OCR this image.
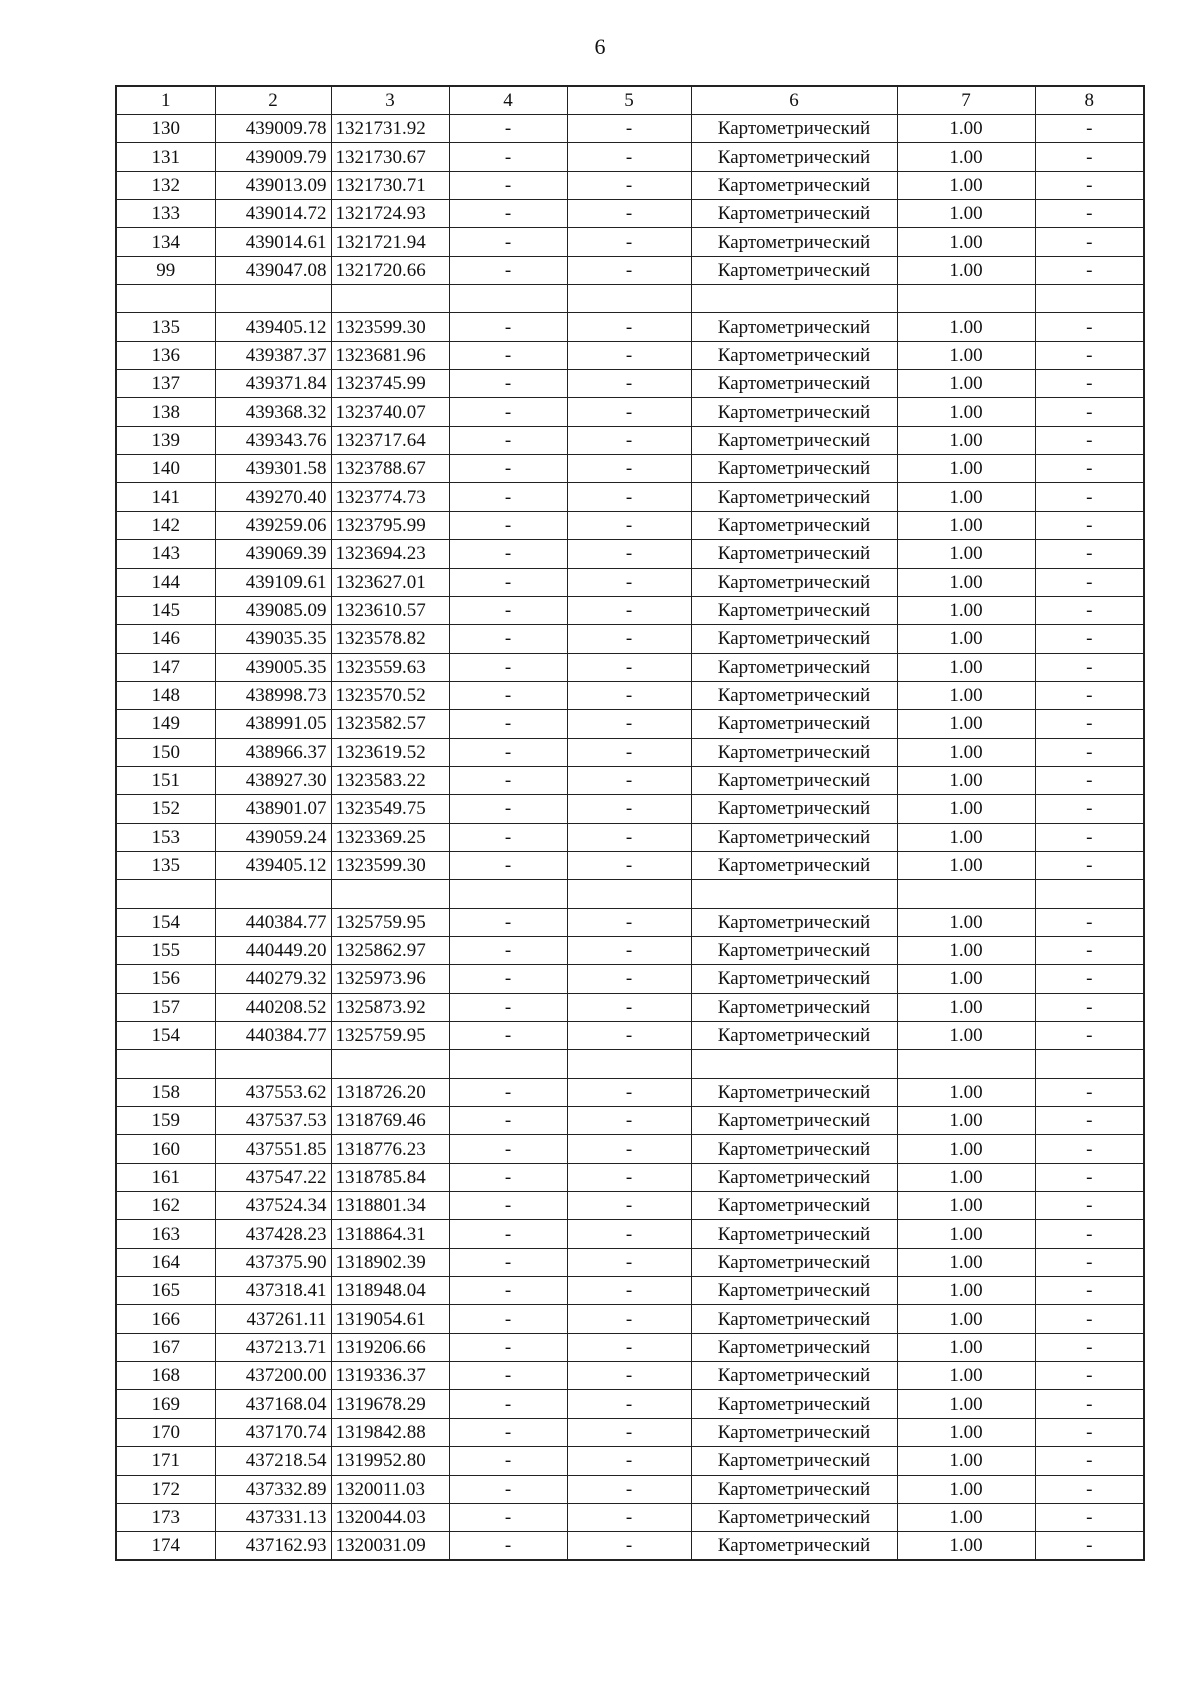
6
1	2	3	4	5	6	7	8
130	439009.78	1321731.92	-	-	Картометрический	1.00	-
131	439009.79	1321730.67	-	-	Картометрический	1.00	-
132	439013.09	1321730.71	-	-	Картометрический	1.00	-
133	439014.72	1321724.93	-	-	Картометрический	1.00	-
134	439014.61	1321721.94	-	-	Картометрический	1.00	-
99	439047.08	1321720.66	-	-	Картометрический	1.00	-

135	439405.12	1323599.30	-	-	Картометрический	1.00	-
136	439387.37	1323681.96	-	-	Картометрический	1.00	-
137	439371.84	1323745.99	-	-	Картометрический	1.00	-
138	439368.32	1323740.07	-	-	Картометрический	1.00	-
139	439343.76	1323717.64	-	-	Картометрический	1.00	-
140	439301.58	1323788.67	-	-	Картометрический	1.00	-
141	439270.40	1323774.73	-	-	Картометрический	1.00	-
142	439259.06	1323795.99	-	-	Картометрический	1.00	-
143	439069.39	1323694.23	-	-	Картометрический	1.00	-
144	439109.61	1323627.01	-	-	Картометрический	1.00	-
145	439085.09	1323610.57	-	-	Картометрический	1.00	-
146	439035.35	1323578.82	-	-	Картометрический	1.00	-
147	439005.35	1323559.63	-	-	Картометрический	1.00	-
148	438998.73	1323570.52	-	-	Картометрический	1.00	-
149	438991.05	1323582.57	-	-	Картометрический	1.00	-
150	438966.37	1323619.52	-	-	Картометрический	1.00	-
151	438927.30	1323583.22	-	-	Картометрический	1.00	-
152	438901.07	1323549.75	-	-	Картометрический	1.00	-
153	439059.24	1323369.25	-	-	Картометрический	1.00	-
135	439405.12	1323599.30	-	-	Картометрический	1.00	-

154	440384.77	1325759.95	-	-	Картометрический	1.00	-
155	440449.20	1325862.97	-	-	Картометрический	1.00	-
156	440279.32	1325973.96	-	-	Картометрический	1.00	-
157	440208.52	1325873.92	-	-	Картометрический	1.00	-
154	440384.77	1325759.95	-	-	Картометрический	1.00	-

158	437553.62	1318726.20	-	-	Картометрический	1.00	-
159	437537.53	1318769.46	-	-	Картометрический	1.00	-
160	437551.85	1318776.23	-	-	Картометрический	1.00	-
161	437547.22	1318785.84	-	-	Картометрический	1.00	-
162	437524.34	1318801.34	-	-	Картометрический	1.00	-
163	437428.23	1318864.31	-	-	Картометрический	1.00	-
164	437375.90	1318902.39	-	-	Картометрический	1.00	-
165	437318.41	1318948.04	-	-	Картометрический	1.00	-
166	437261.11	1319054.61	-	-	Картометрический	1.00	-
167	437213.71	1319206.66	-	-	Картометрический	1.00	-
168	437200.00	1319336.37	-	-	Картометрический	1.00	-
169	437168.04	1319678.29	-	-	Картометрический	1.00	-
170	437170.74	1319842.88	-	-	Картометрический	1.00	-
171	437218.54	1319952.80	-	-	Картометрический	1.00	-
172	437332.89	1320011.03	-	-	Картометрический	1.00	-
173	437331.13	1320044.03	-	-	Картометрический	1.00	-
174	437162.93	1320031.09	-	-	Картометрический	1.00	-
